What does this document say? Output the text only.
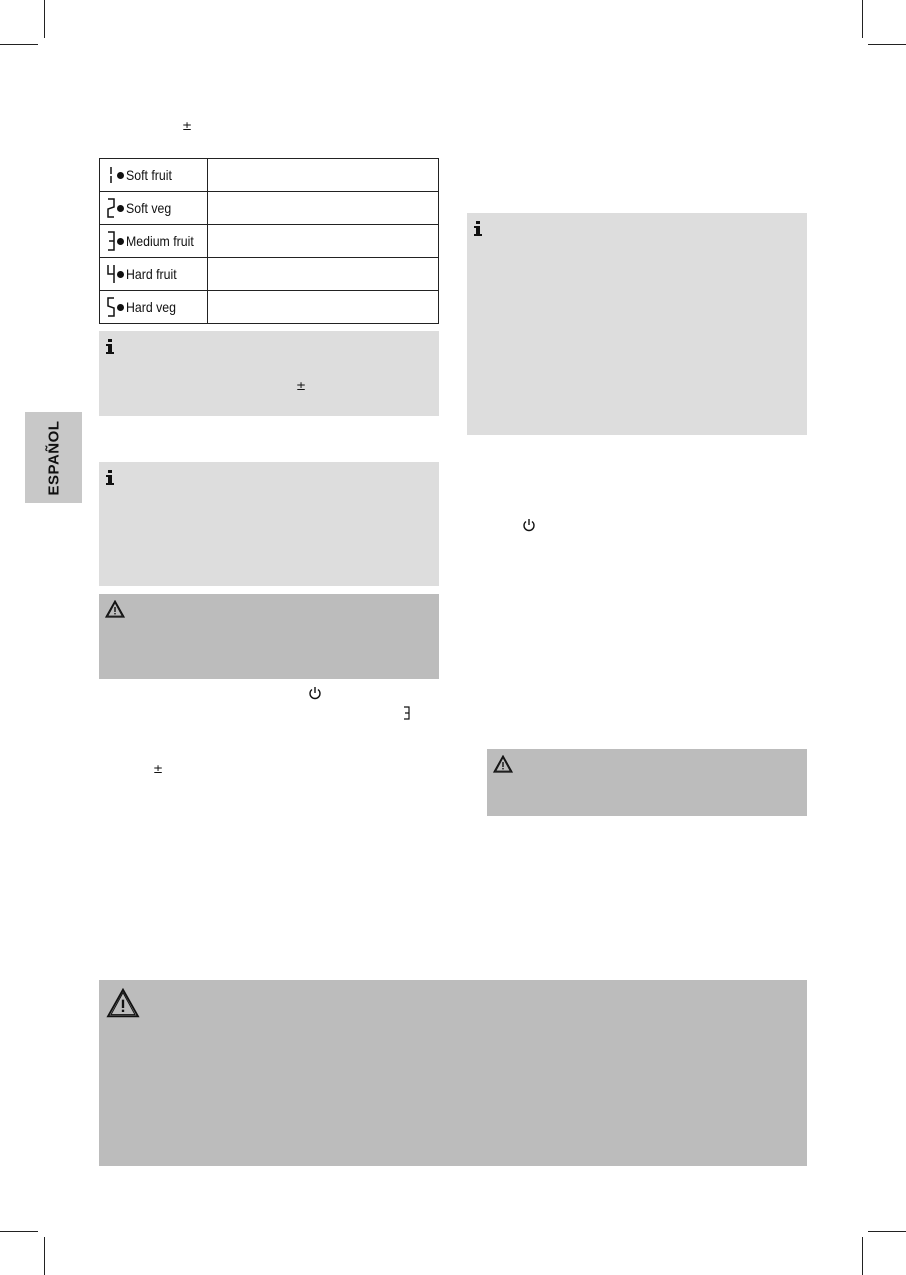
±
Soft fruit	
Soft veg	
Medium fruit	
Hard fruit	
Hard veg	
±
ESPAÑOL
±
